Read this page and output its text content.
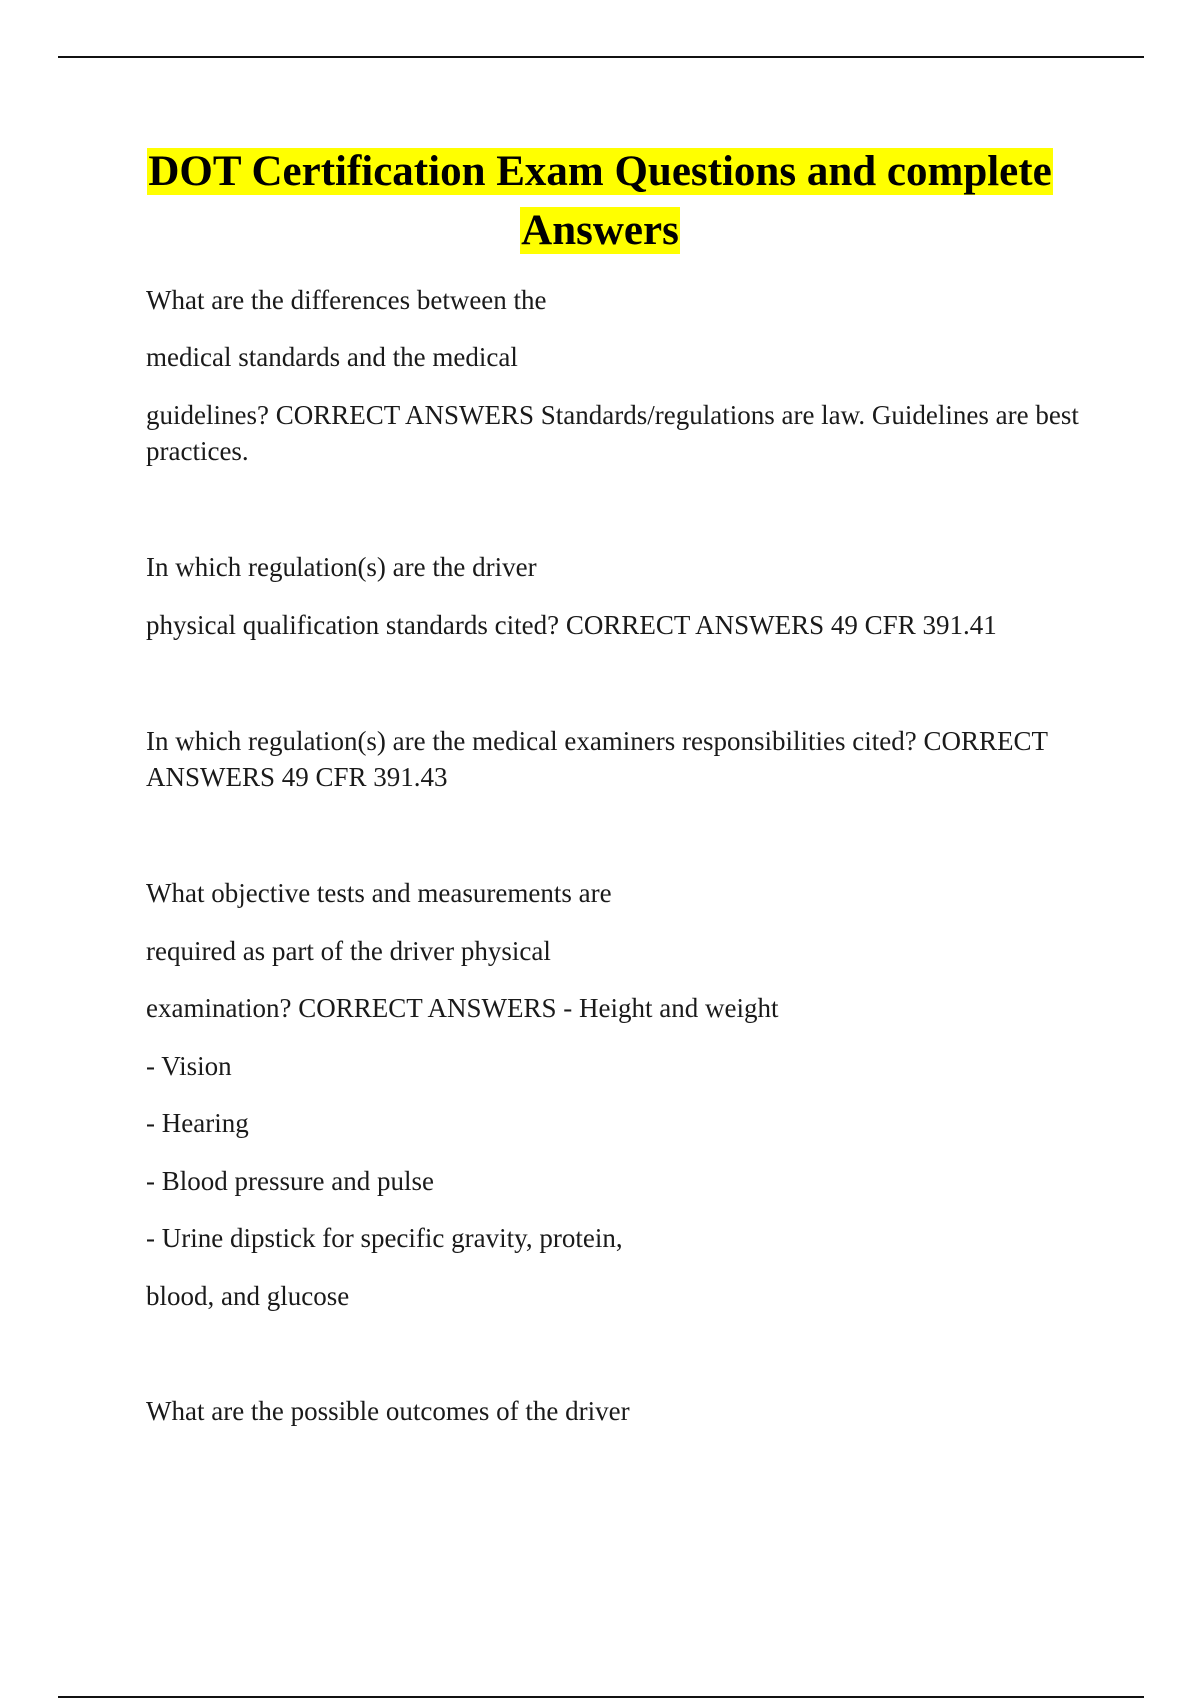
DOT Certification Exam Questions and complete
Answers

What are the differences between the

medical standards and the medical

guidelines? CORRECT ANSWERS Standards/regulations are law. Guidelines are best practices.

In which regulation(s) are the driver

physical qualification standards cited? CORRECT ANSWERS 49 CFR 391.41

In which regulation(s) are the medical examiners responsibilities cited? CORRECT ANSWERS 49 CFR 391.43

What objective tests and measurements are

required as part of the driver physical

examination? CORRECT ANSWERS - Height and weight

- Vision

- Hearing

- Blood pressure and pulse

- Urine dipstick for specific gravity, protein,

blood, and glucose

What are the possible outcomes of the driver
